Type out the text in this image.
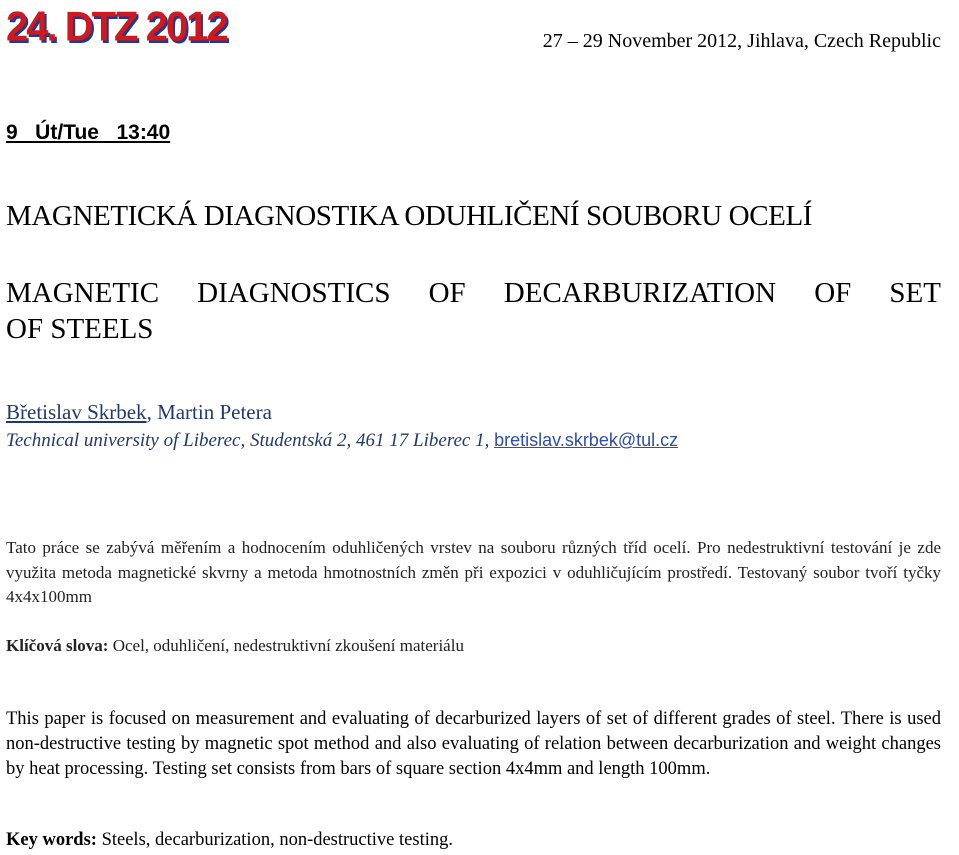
24. DTZ 2012	27 – 29 November 2012, Jihlava, Czech Republic
9   Út/Tue   13:40
MAGNETICKÁ DIAGNOSTIKA ODUHLIČENÍ SOUBORU OCELÍ
MAGNETIC DIAGNOSTICS OF DECARBURIZATION OF SET
OF STEELS
Břetislav Skrbek, Martin Petera
Technical university of Liberec, Studentská 2, 461 17 Liberec 1, bretislav.skrbek@tul.cz
Tato práce se zabývá měřením a hodnocením oduhličených vrstev na souboru různých tříd ocelí. Pro nedestruktivní testování je zde využita metoda magnetické skvrny a metoda hmotnostních změn při expozici v oduhličujícím prostředí. Testovaný soubor tvoří tyčky 4x4x100mm
Klíčová slova: Ocel, oduhličení, nedestruktivní zkoušení materiálu
This paper is focused on measurement and evaluating of decarburized layers of set of different grades of steel. There is used non-destructive testing by magnetic spot method and also evaluating of relation between decarburization and weight changes by heat processing. Testing set consists from bars of square section 4x4mm and length 100mm.
Key words: Steels, decarburization, non-destructive testing.
